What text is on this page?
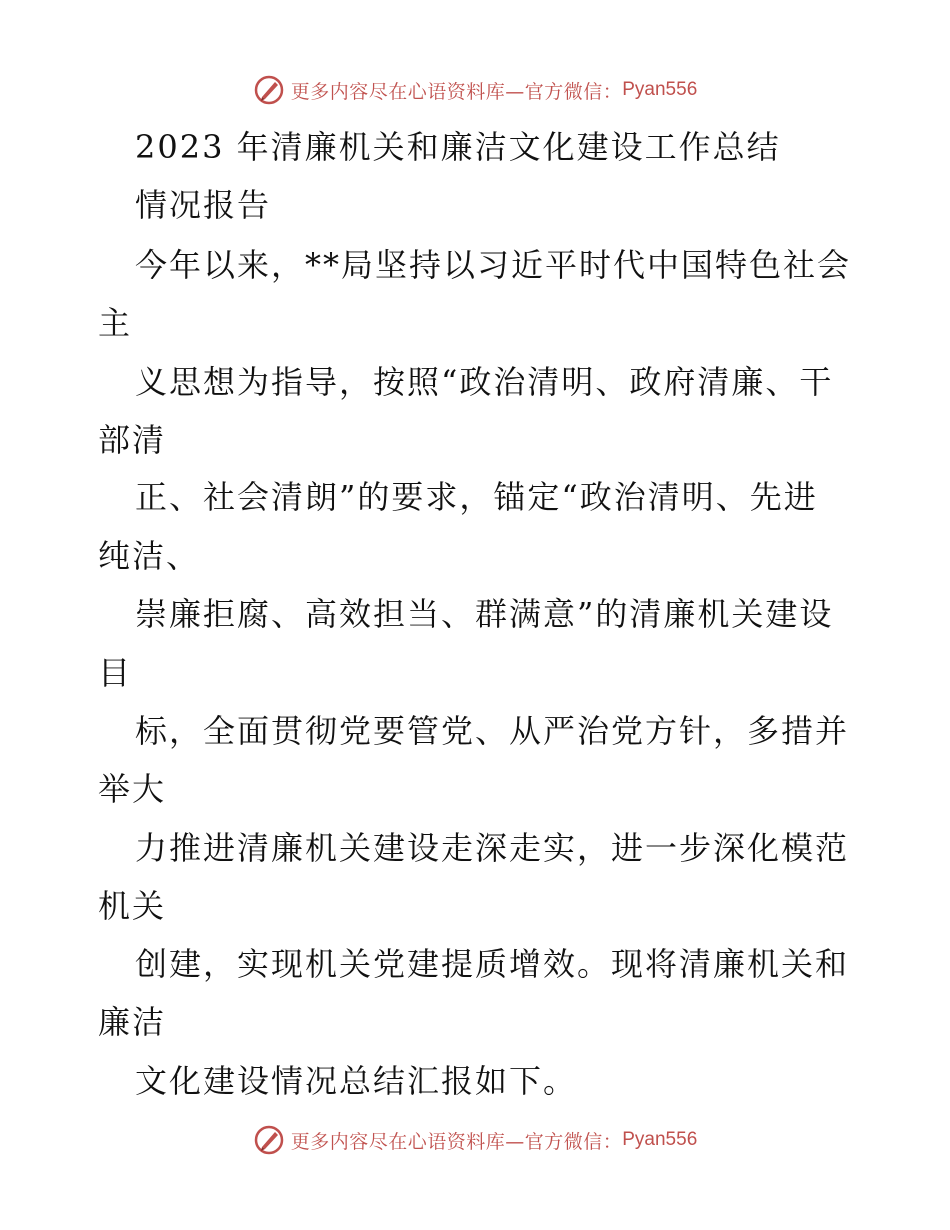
更多内容尽在心语资料库—官方微信： Pyan556
2023 年清廉机关和廉洁文化建设工作总结
情况报告
今年以来，**局坚持以习近平时代中国特色社会
主
义思想为指导，按照“政治清明、政府清廉、干
部清
正、社会清朗”的要求，锚定“政治清明、先进
纯洁、
崇廉拒腐、高效担当、群满意”的清廉机关建设
目
标，全面贯彻党要管党、从严治党方针，多措并
举大
力推进清廉机关建设走深走实，进一步深化模范
机关
创建，实现机关党建提质增效。现将清廉机关和
廉洁
文化建设情况总结汇报如下。
更多内容尽在心语资料库—官方微信： Pyan556
